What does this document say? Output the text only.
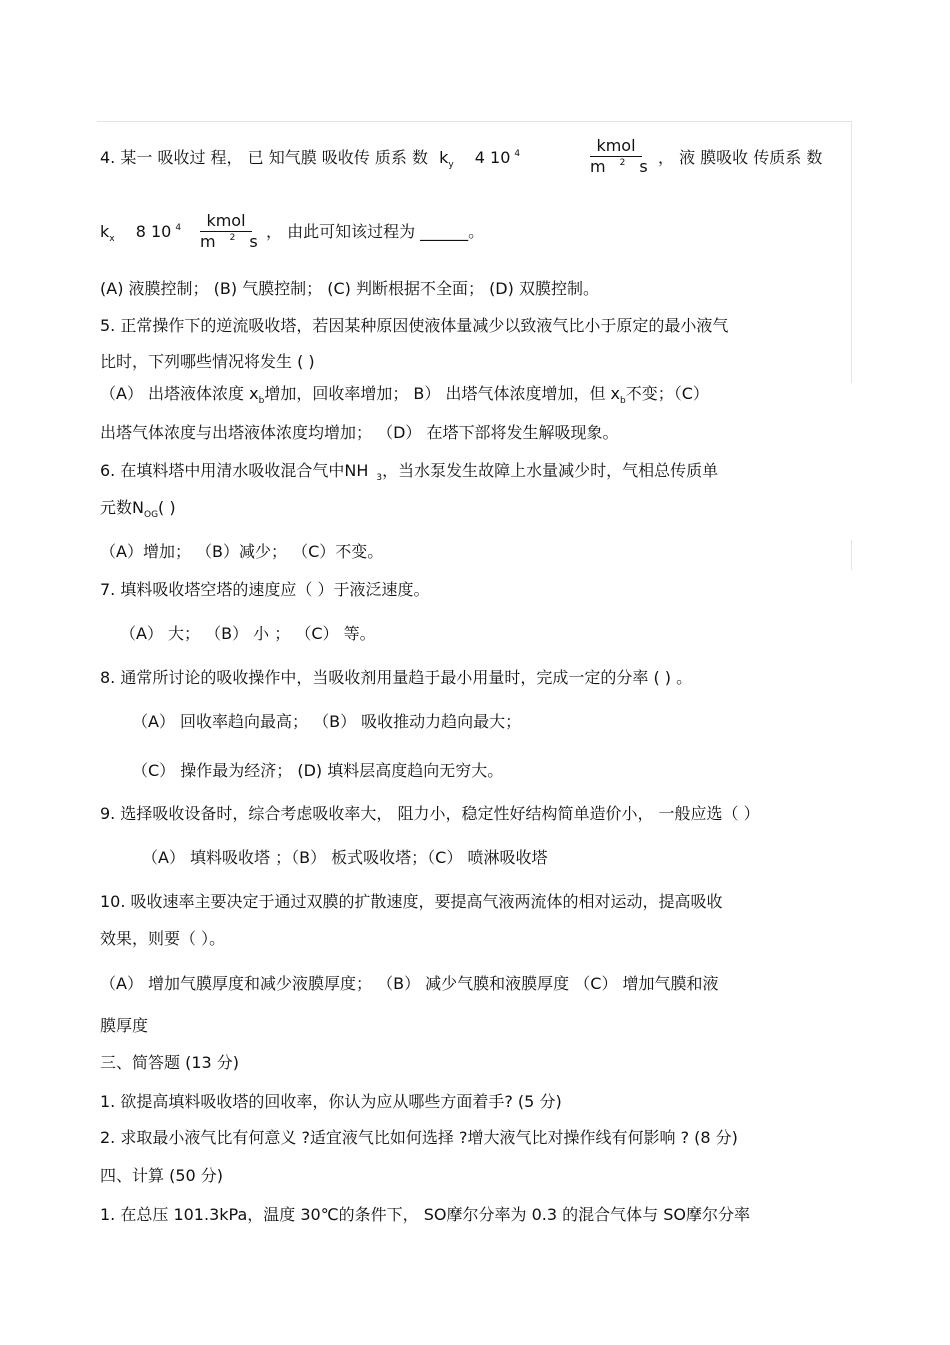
4. 某一 吸收过 程， 已 知气膜 吸收传 质系 数 $k_y$ 4 10 $^4$	kmol
$m^2s$
， 液 膜吸收 传质系 数
$k_x$ 8 10 $^4$	kmol
$m^2s$
， 由此可知该过程为 ______。
(A) 液膜控制； (B) 气膜控制； (C) 判断根据不全面； (D) 双膜控制。
5. 正常操作下的逆流吸收塔，若因某种原因使液体量减少以致液气比小于原定的最小液气
比时，下列哪些情况将发生 ( )
（A） 出塔液体浓度 $x_b$增加，回收率增加； B） 出塔气体浓度增加，但 $x_b$不变；（C）
出塔气体浓度与出塔液体浓度均增加； （D） 在塔下部将发生解吸现象。
6. 在填料塔中用清水吸收混合气中NH $_3$，当水泵发生故障上水量减少时，气相总传质单
元数$N_{OG}$( )
（A）增加； （B）减少； （C）不变。
7. 填料吸收塔空塔的速度应（ ）于液泛速度。
（A） 大； （B） 小 ； （C） 等。
8. 通常所讨论的吸收操作中，当吸收剂用量趋于最小用量时，完成一定的分率 ( ) 。
（A） 回收率趋向最高； （B） 吸收推动力趋向最大；
（C） 操作最为经济； (D) 填料层高度趋向无穷大。
9. 选择吸收设备时，综合考虑吸收率大， 阻力小，稳定性好结构简单造价小， 一般应选（ ）
（A） 填料吸收塔 ；（B） 板式吸收塔；（C） 喷淋吸收塔
10. 吸收速率主要决定于通过双膜的扩散速度，要提高气液两流体的相对运动，提高吸收
效果，则要（ ）。
（A） 增加气膜厚度和减少液膜厚度； （B） 减少气膜和液膜厚度 （C） 增加气膜和液
膜厚度
三、简答题 (13 分)
1. 欲提高填料吸收塔的回收率，你认为应从哪些方面着手? (5 分)
2. 求取最小液气比有何意义 ?适宜液气比如何选择 ?增大液气比对操作线有何影响 ? (8 分)
四、计算 (50 分)
1. 在总压 101.3kPa，温度 30℃的条件下， SO摩尔分率为 0.3 的混合气体与 SO摩尔分率
